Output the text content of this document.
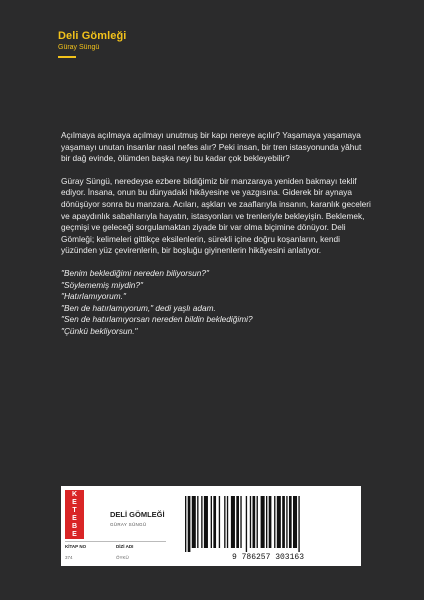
Deli Gömleği
Güray Süngü

Açılmaya açılmaya açılmayı unutmuş bir kapı nereye açılır? Yaşamaya yaşamaya yaşamayı unutan insanlar nasıl nefes alır? Peki insan, bir tren istasyonunda yâhut bir dağ evinde, ölümden başka neyi bu kadar çok bekleyebilir?

Güray Süngü, neredeyse ezbere bildiğimiz bir manzaraya yeniden bakmayı teklif ediyor. İnsana, onun bu dünyadaki hikâyesine ve yazgısına. Giderek bir aynaya dönüşüyor sonra bu manzara. Acıları, aşkları ve zaaflarıyla insanın, karanlık geceleri ve apaydınlık sabahlarıyla hayatın, istasyonları ve trenleriyle bekleyişin. Beklemek, geçmişi ve geleceği sorgulamaktan ziyade bir var olma biçimine dönüyor. Deli Gömleği; kelimeleri gittikçe eksilenlerin, sürekli içine doğru koşanların, kendi yüzünden yüz çevirenlerin, bir boşluğu giyinenlerin hikâyesini anlatıyor.

"Benim beklediğimi nereden biliyorsun?"
"Söylememiş miydin?"
"Hatırlamıyorum."
"Ben de hatırlamıyorum," dedi yaşlı adam.
"Sen de hatırlamıyorsan nereden bildin beklediğimi?
"Çünkü bekliyorsun."
K
E
T
E
B
E
DELİ GÖMLEĞİ
GÜRAY SÜNGÜ
KİTAP NO	DİZİ ADI
374	ÖYKÜ	9 786257 303163
